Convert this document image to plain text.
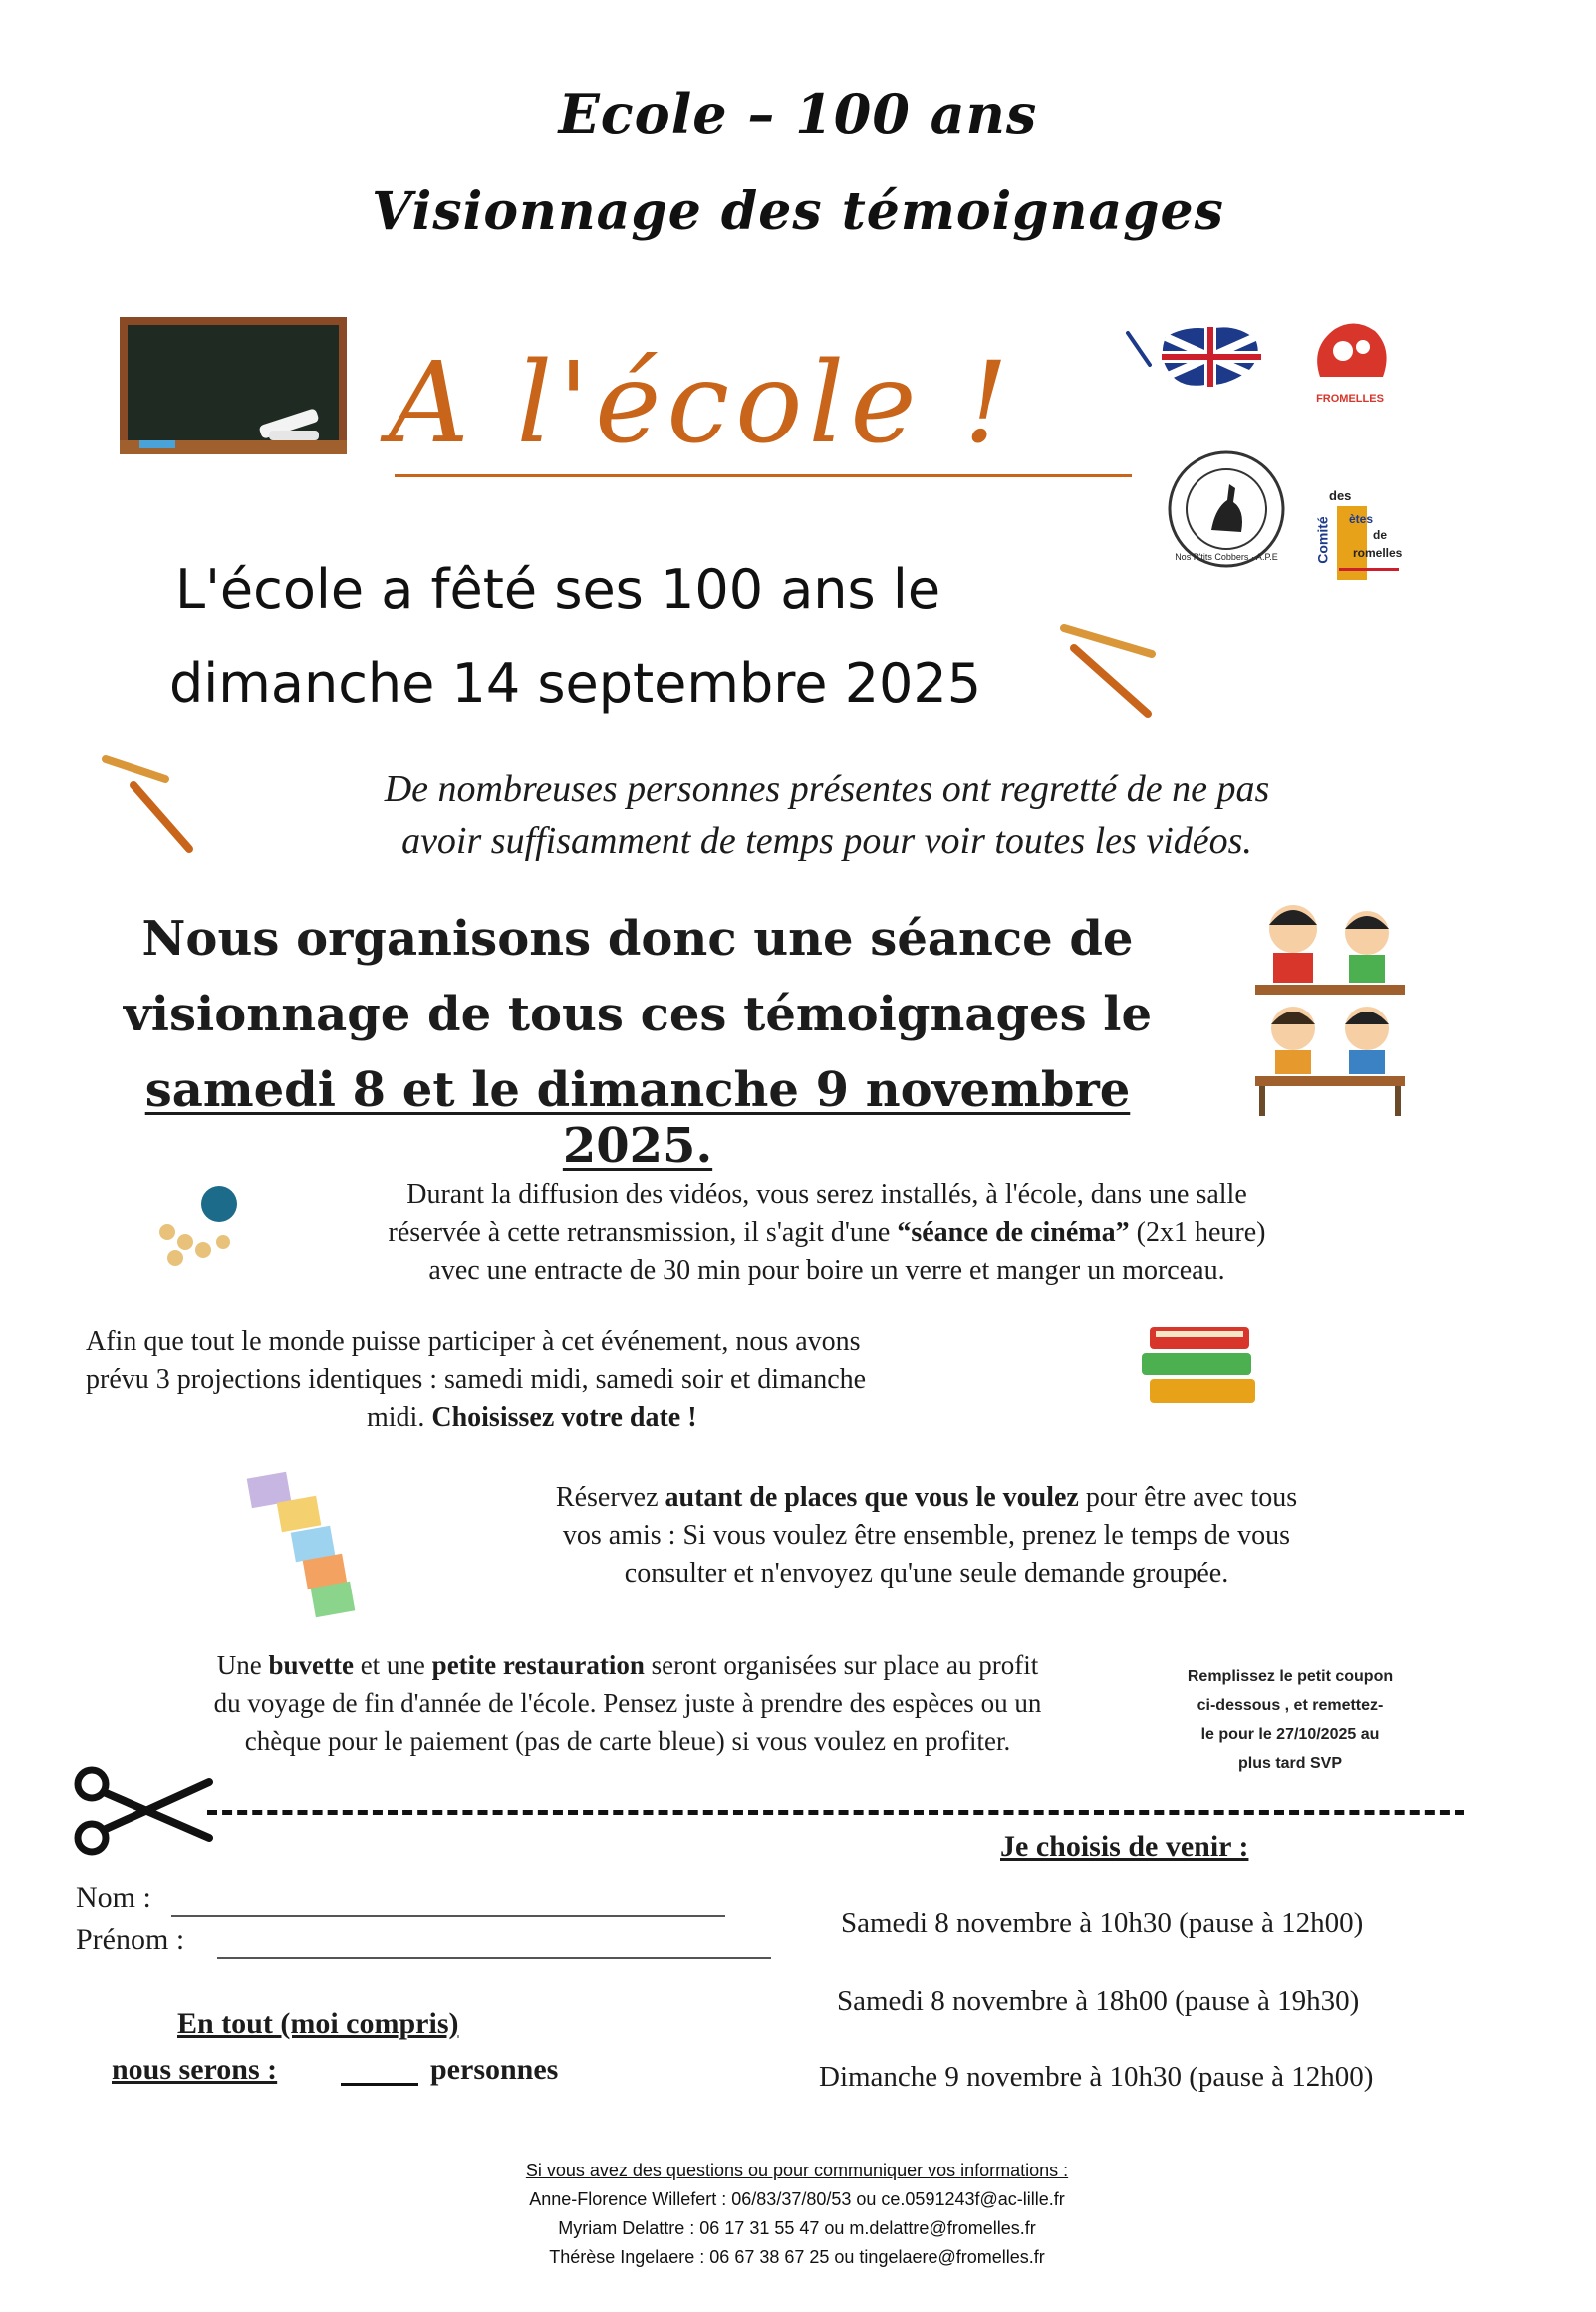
Ecole – 100 ans
Visionnage des témoignages
A l'école !	FROMELLES
Nos P'tits Cobbers · A.P.E	Comité
des
ètes
de
romelles
L'école a fêté ses 100 ans le
dimanche 14 septembre 2025
De nombreuses personnes présentes ont regretté de ne pas
avoir suffisamment de temps pour voir toutes les vidéos.
Nous organisons donc une séance de
visionnage de tous ces témoignages le
samedi 8 et le dimanche 9 novembre 2025.
Durant la diffusion des vidéos, vous serez installés, à l'école, dans une salle
réservée à cette retransmission, il s'agit d'une “séance de cinéma” (2x1 heure)
avec une entracte de 30 min pour boire un verre et manger un morceau.
Afin que tout le monde puisse participer à cet événement, nous avons
prévu 3 projections identiques : samedi midi, samedi soir et dimanche
midi. Choisissez votre date !
Réservez autant de places que vous le voulez pour être avec tous
vos amis : Si vous voulez être ensemble, prenez le temps de vous
consulter et n'envoyez qu'une seule demande groupée.
Une buvette et une petite restauration seront organisées sur place au profit
du voyage de fin d'année de l'école. Pensez juste à prendre des espèces ou un
chèque pour le paiement (pas de carte bleue) si vous voulez en profiter.
Remplissez le petit coupon
ci-dessous , et remettez-
le pour le 27/10/2025 au
plus tard SVP
Nom :
Prénom :
En tout (moi compris)
nous serons :	personnes
Je choisis de venir :
Samedi 8 novembre à 10h30 (pause à 12h00)
Samedi 8 novembre à 18h00 (pause à 19h30)
Dimanche 9 novembre à 10h30 (pause à 12h00)
Si vous avez des questions ou pour communiquer vos informations :
Anne-Florence Willefert : 06/83/37/80/53 ou ce.0591243f@ac-lille.fr
Myriam Delattre : 06 17 31 55 47 ou m.delattre@fromelles.fr
Thérèse Ingelaere : 06 67 38 67 25 ou tingelaere@fromelles.fr
